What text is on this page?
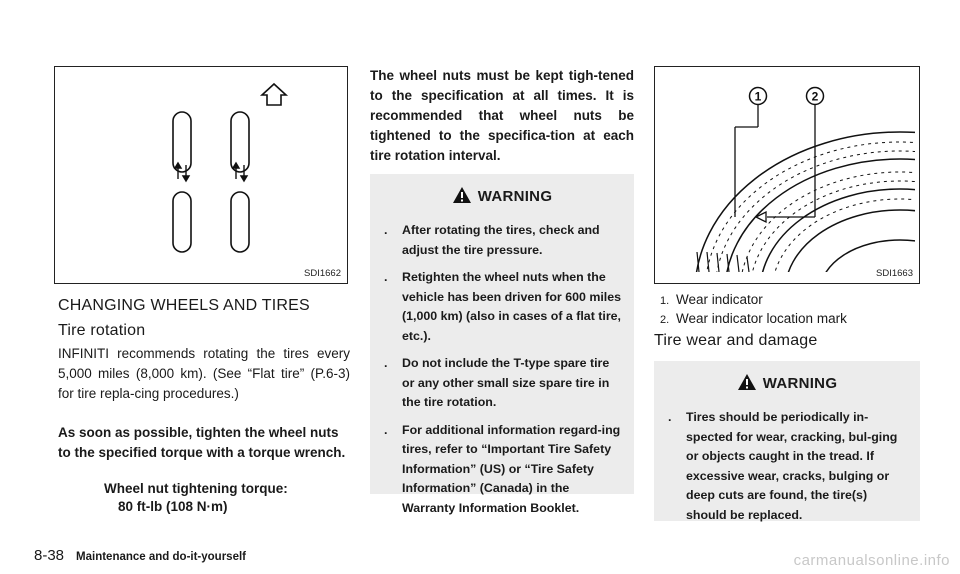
SDI1662
CHANGING WHEELS AND TIRES
Tire rotation
INFINITI recommends rotating the tires every 5,000 miles (8,000 km). (See “Flat tire” (P.6-3) for tire repla-cing procedures.)
As soon as possible, tighten the wheel nuts to the specified torque with a torque wrench.
Wheel nut tightening torque:
80 ft-lb (108 N·m)
The wheel nuts must be kept tigh-tened to the specification at all times. It is recommended that wheel nuts be tightened to the specifica-tion at each tire rotation interval.
WARNING
. After rotating the tires, check and adjust the tire pressure.
. Retighten the wheel nuts when the vehicle has been driven for 600 miles (1,000 km) (also in cases of a flat tire, etc.).
. Do not include the T-type spare tire or any other small size spare tire in the tire rotation.
. For additional information regard-ing tires, refer to “Important Tire Safety Information” (US) or “Tire Safety Information” (Canada) in the Warranty Information Booklet.
1	2
SDI1663
1. Wear indicator
2. Wear indicator location mark
Tire wear and damage
WARNING
. Tires should be periodically in-spected for wear, cracking, bul-ging or objects caught in the tread. If excessive wear, cracks, bulging or deep cuts are found, the tire(s) should be replaced.
8-38 Maintenance and do-it-yourself	carmanualsonline.info
